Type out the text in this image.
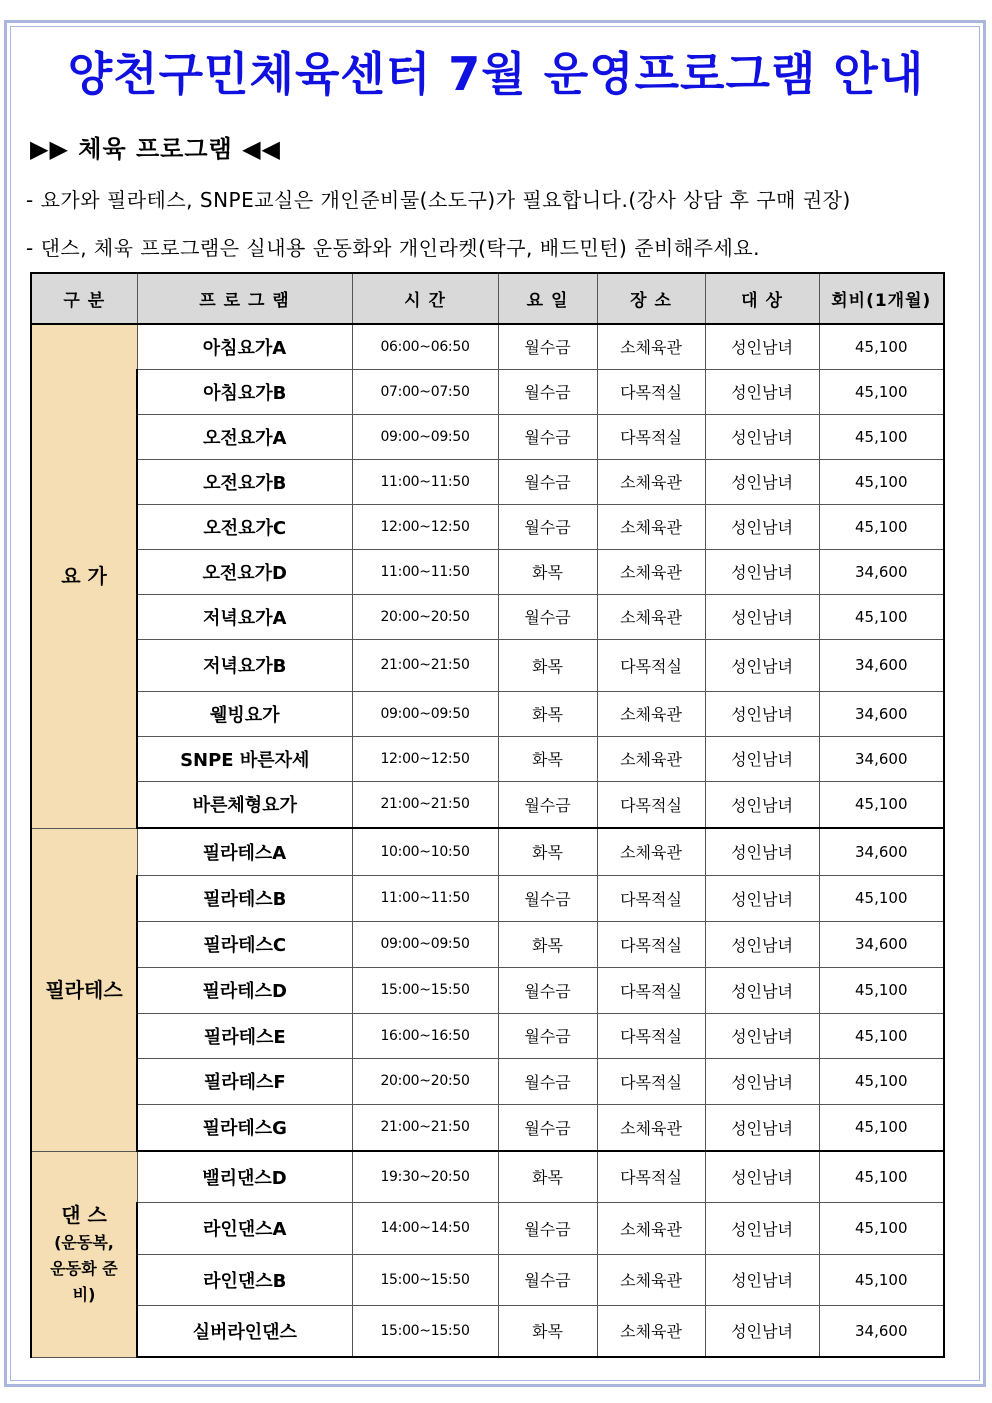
양천구민체육센터 7월 운영프로그램 안내
▶▶ 체육 프로그램 ◀◀
- 요가와 필라테스, SNPE교실은 개인준비물(소도구)가 필요합니다.(강사 상담 후 구매 권장)
- 댄스, 체육 프로그램은 실내용 운동화와 개인라켓(탁구, 배드민턴) 준비해주세요.
구 분	프 로 그 램	시 간	요 일	장 소	대 상	회비(1개월)

요 가	아침요가A	06:00~06:50	월수금	소체육관	성인남녀	45,100
	아침요가B	07:00~07:50	월수금	다목적실	성인남녀	45,100
	오전요가A	09:00~09:50	월수금	다목적실	성인남녀	45,100
	오전요가B	11:00~11:50	월수금	소체육관	성인남녀	45,100
	오전요가C	12:00~12:50	월수금	소체육관	성인남녀	45,100
	오전요가D	11:00~11:50	화목	소체육관	성인남녀	34,600
	저녁요가A	20:00~20:50	월수금	소체육관	성인남녀	45,100
	저녁요가B	21:00~21:50	화목	다목적실	성인남녀	34,600
	웰빙요가	09:00~09:50	화목	소체육관	성인남녀	34,600
	SNPE 바른자세	12:00~12:50	화목	소체육관	성인남녀	34,600
	바른체형요가	21:00~21:50	월수금	다목적실	성인남녀	45,100

필라테스	필라테스A	10:00~10:50	화목	소체육관	성인남녀	34,600
	필라테스B	11:00~11:50	월수금	다목적실	성인남녀	45,100
	필라테스C	09:00~09:50	화목	다목적실	성인남녀	34,600
	필라테스D	15:00~15:50	월수금	다목적실	성인남녀	45,100
	필라테스E	16:00~16:50	월수금	다목적실	성인남녀	45,100
	필라테스F	20:00~20:50	월수금	다목적실	성인남녀	45,100
	필라테스G	21:00~21:50	월수금	소체육관	성인남녀	45,100

댄 스
(운동복, 운동화 준비)	밸리댄스D	19:30~20:50	화목	다목적실	성인남녀	45,100
	라인댄스A	14:00~14:50	월수금	소체육관	성인남녀	45,100
	라인댄스B	15:00~15:50	월수금	소체육관	성인남녀	45,100
	실버라인댄스	15:00~15:50	화목	소체육관	성인남녀	34,600
